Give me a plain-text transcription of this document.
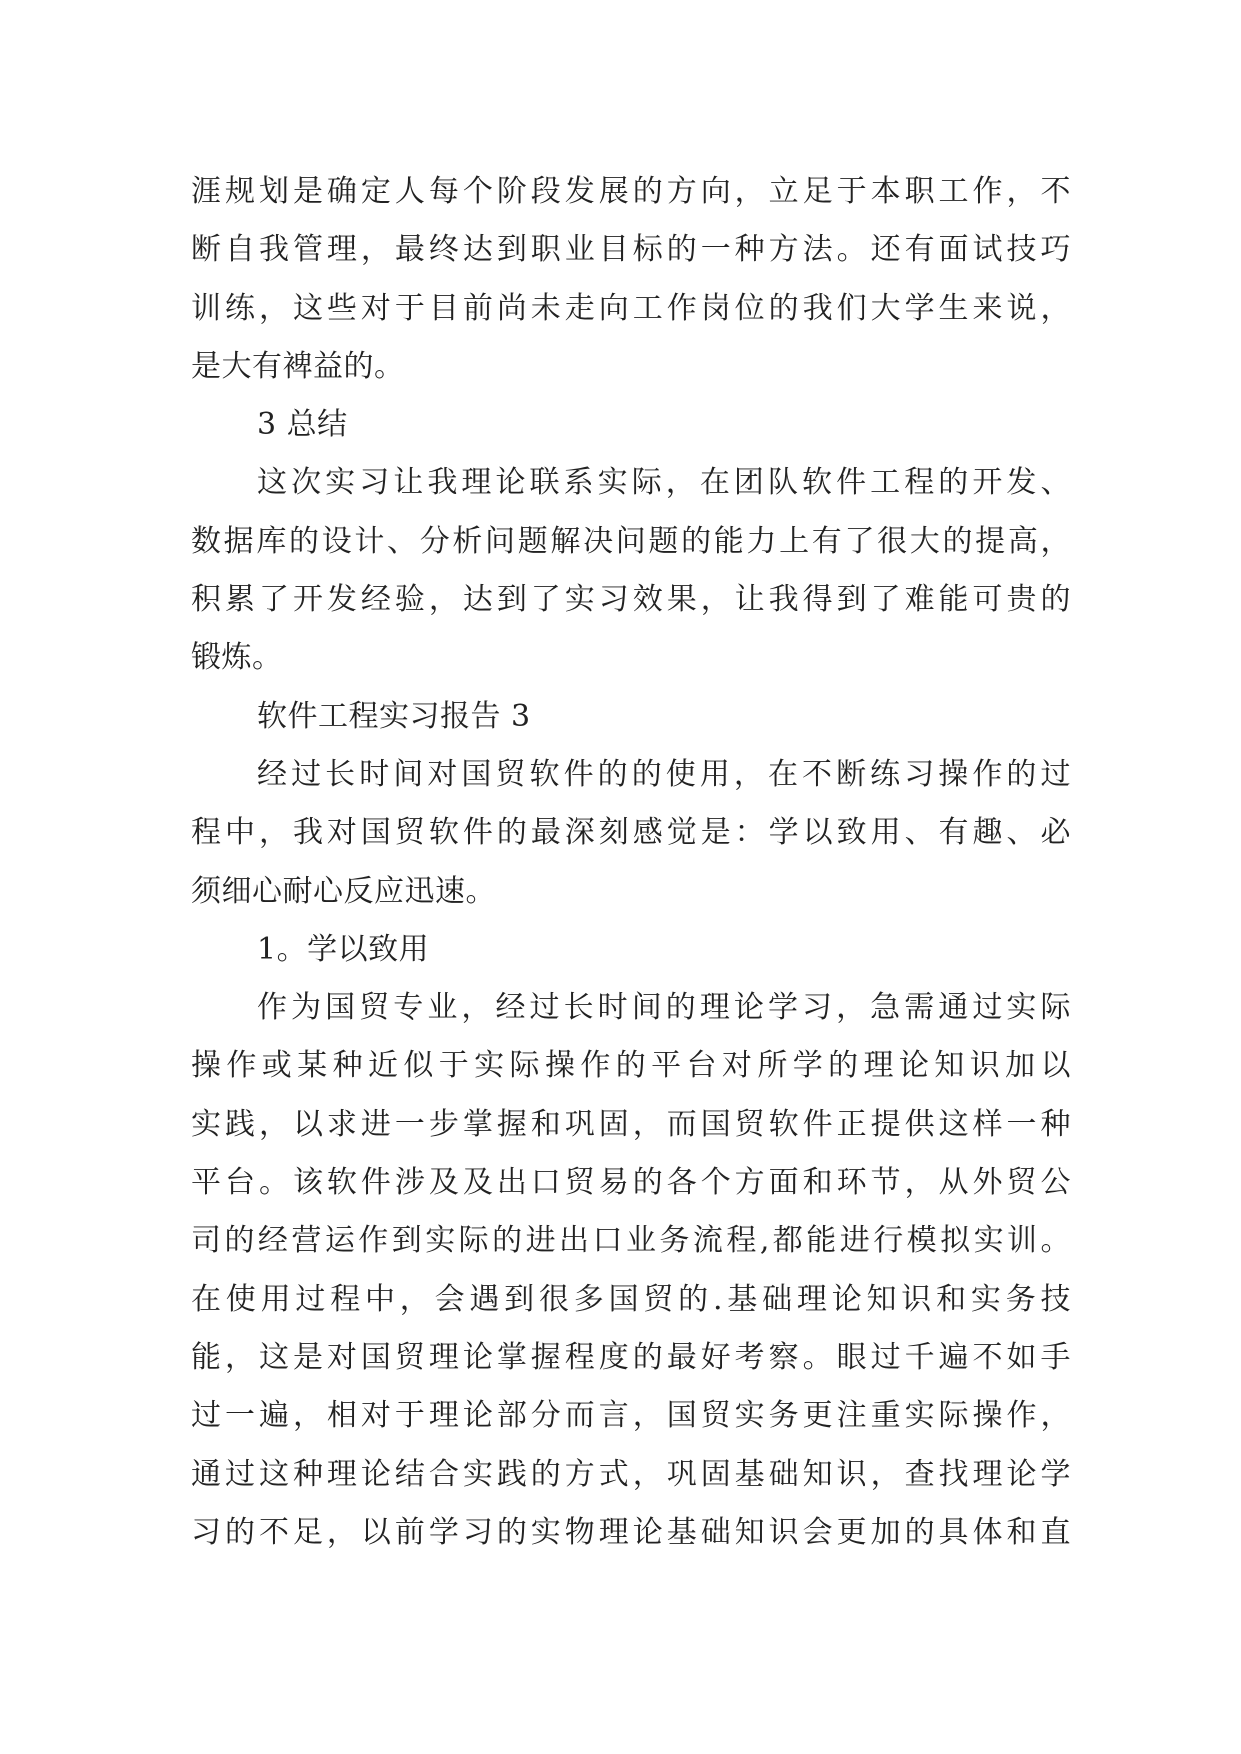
涯规划是确定人每个阶段发展的方向，立足于本职工作，不
断自我管理，最终达到职业目标的一种方法。还有面试技巧
训练，这些对于目前尚未走向工作岗位的我们大学生来说，
是大有裨益的。
3 总结
这次实习让我理论联系实际，在团队软件工程的开发、
数据库的设计、分析问题解决问题的能力上有了很大的提高，
积累了开发经验，达到了实习效果，让我得到了难能可贵的
锻炼。
软件工程实习报告 3
经过长时间对国贸软件的的使用，在不断练习操作的过
程中，我对国贸软件的最深刻感觉是：学以致用、有趣、必
须细心耐心反应迅速。
1。学以致用
作为国贸专业，经过长时间的理论学习，急需通过实际
操作或某种近似于实际操作的平台对所学的理论知识加以
实践，以求进一步掌握和巩固，而国贸软件正提供这样一种
平台。该软件涉及及出口贸易的各个方面和环节，从外贸公
司的经营运作到实际的进出口业务流程,都能进行模拟实训。
在使用过程中，会遇到很多国贸的.基础理论知识和实务技
能，这是对国贸理论掌握程度的最好考察。眼过千遍不如手
过一遍，相对于理论部分而言，国贸实务更注重实际操作，
通过这种理论结合实践的方式，巩固基础知识，查找理论学
习的不足，以前学习的实物理论基础知识会更加的具体和直
